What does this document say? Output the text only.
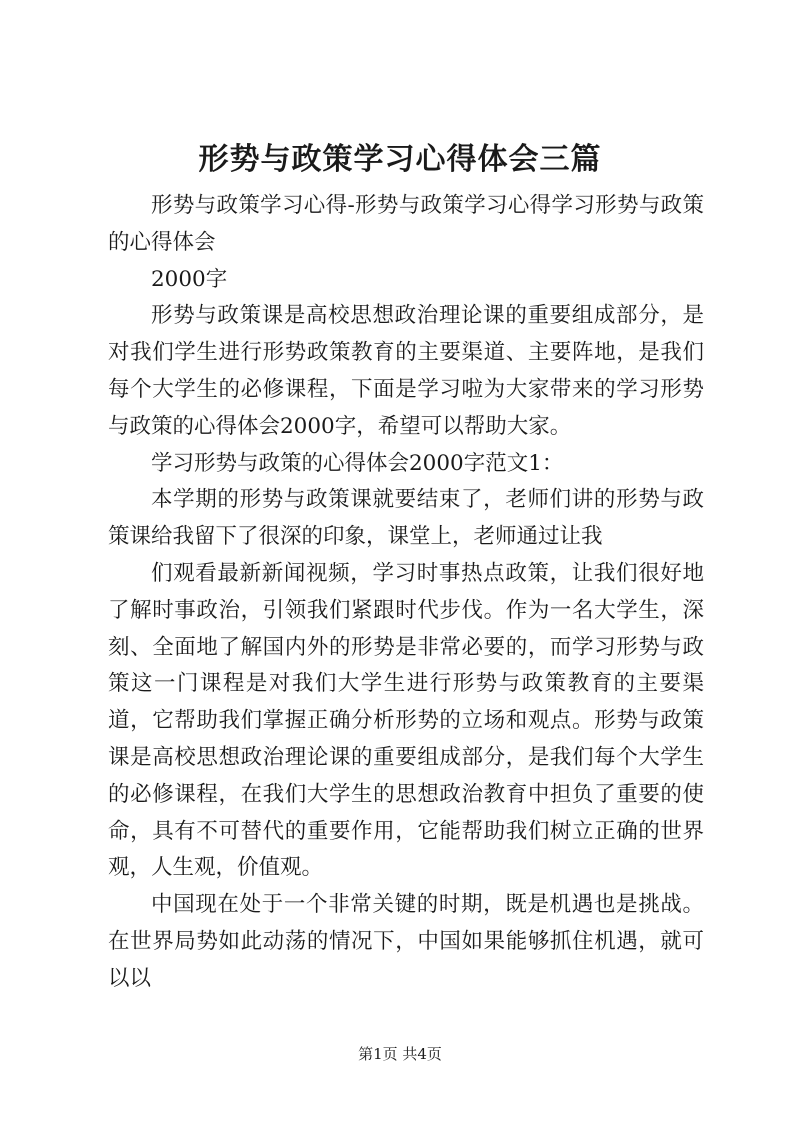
形势与政策学习心得体会三篇

形势与政策学习心得-形势与政策学习心得学习形势与政策的心得体会

2000字

形势与政策课是高校思想政治理论课的重要组成部分，是对我们学生进行形势政策教育的主要渠道、主要阵地，是我们每个大学生的必修课程，下面是学习啦为大家带来的学习形势与政策的心得体会2000字，希望可以帮助大家。

学习形势与政策的心得体会2000字范文1：

本学期的形势与政策课就要结束了，老师们讲的形势与政策课给我留下了很深的印象，课堂上，老师通过让我

们观看最新新闻视频，学习时事热点政策，让我们很好地了解时事政治，引领我们紧跟时代步伐。作为一名大学生，深刻、全面地了解国内外的形势是非常必要的，而学习形势与政策这一门课程是对我们大学生进行形势与政策教育的主要渠道，它帮助我们掌握正确分析形势的立场和观点。形势与政策课是高校思想政治理论课的重要组成部分，是我们每个大学生的必修课程，在我们大学生的思想政治教育中担负了重要的使命，具有不可替代的重要作用，它能帮助我们树立正确的世界观，人生观，价值观。

中国现在处于一个非常关键的时期，既是机遇也是挑战。在世界局势如此动荡的情况下，中国如果能够抓住机遇，就可以以

第1页 共4页
